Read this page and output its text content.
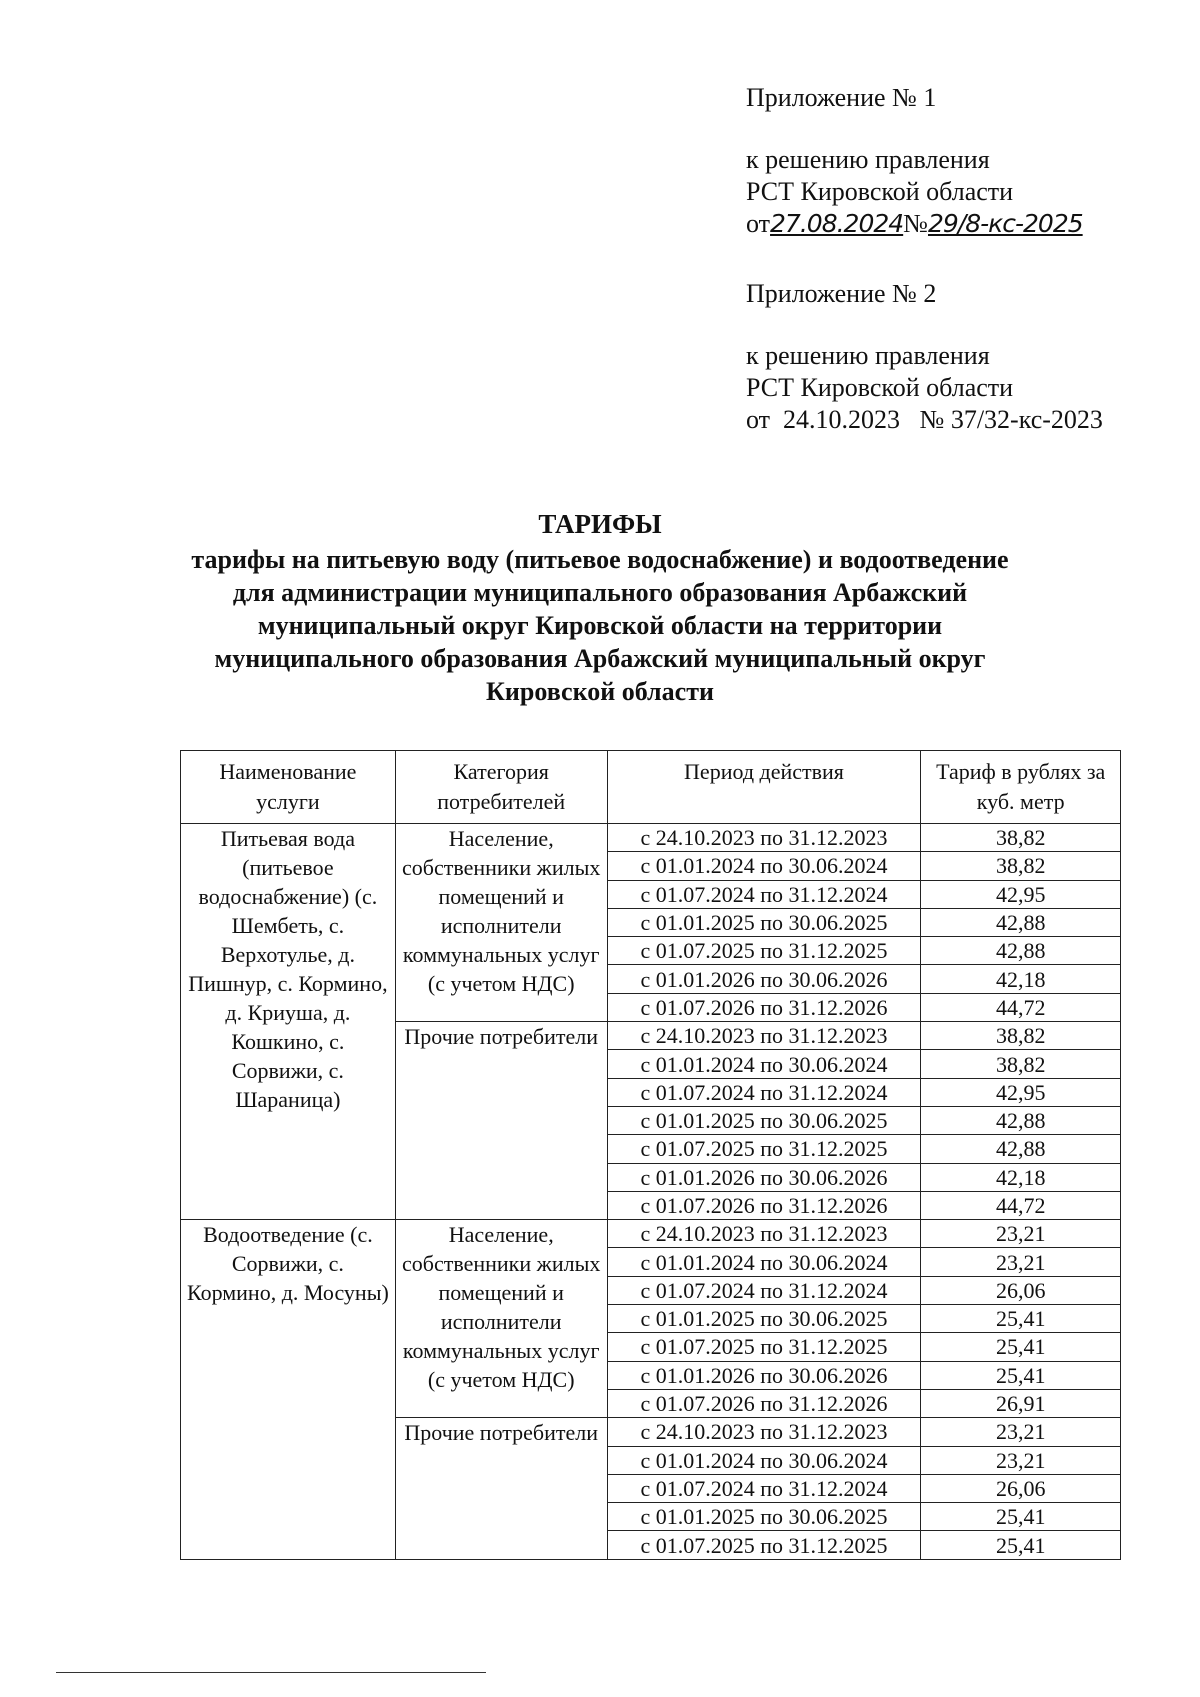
Приложение № 1

к решению правления

РСТ Кировской области

от27.08.2024№29/8-кс-2025

Приложение № 2

к решению правления

РСТ Кировской области

от  24.10.2023   № 37/32-кс-2023

ТАРИФЫ

тарифы на питьевую воду (питьевое водоснабжение) и водоотведение

для администрации муниципального образования Арбажский

муниципальный округ Кировской области на территории

муниципального образования Арбажский муниципальный округ

Кировской области

Наименование услуги	Категория потребителей	Период действия	Тариф в рублях за куб. метр
Питьевая вода (питьевое водоснабжение) (с. Шембеть, с. Верхотулье, д. Пишнур, с. Кормино, д. Криуша, д. Кошкино, с. Сорвижи, с. Шараница)	Население, собственники жилых помещений и исполнители коммунальных услуг (с учетом НДС)	с 24.10.2023 по 31.12.2023	38,82
		с 01.01.2024 по 30.06.2024	38,82
		с 01.07.2024 по 31.12.2024	42,95
		с 01.01.2025 по 30.06.2025	42,88
		с 01.07.2025 по 31.12.2025	42,88
		с 01.01.2026 по 30.06.2026	42,18
		с 01.07.2026 по 31.12.2026	44,72
	Прочие потребители	с 24.10.2023 по 31.12.2023	38,82
		с 01.01.2024 по 30.06.2024	38,82
		с 01.07.2024 по 31.12.2024	42,95
		с 01.01.2025 по 30.06.2025	42,88
		с 01.07.2025 по 31.12.2025	42,88
		с 01.01.2026 по 30.06.2026	42,18
		с 01.07.2026 по 31.12.2026	44,72
Водоотведение (с. Сорвижи, с. Кормино, д. Мосуны)	Население, собственники жилых помещений и исполнители коммунальных услуг (с учетом НДС)	с 24.10.2023 по 31.12.2023	23,21
		с 01.01.2024 по 30.06.2024	23,21
		с 01.07.2024 по 31.12.2024	26,06
		с 01.01.2025 по 30.06.2025	25,41
		с 01.07.2025 по 31.12.2025	25,41
		с 01.01.2026 по 30.06.2026	25,41
		с 01.07.2026 по 31.12.2026	26,91
	Прочие потребители	с 24.10.2023 по 31.12.2023	23,21
		с 01.01.2024 по 30.06.2024	23,21
		с 01.07.2024 по 31.12.2024	26,06
		с 01.01.2025 по 30.06.2025	25,41
		с 01.07.2025 по 31.12.2025	25,41
